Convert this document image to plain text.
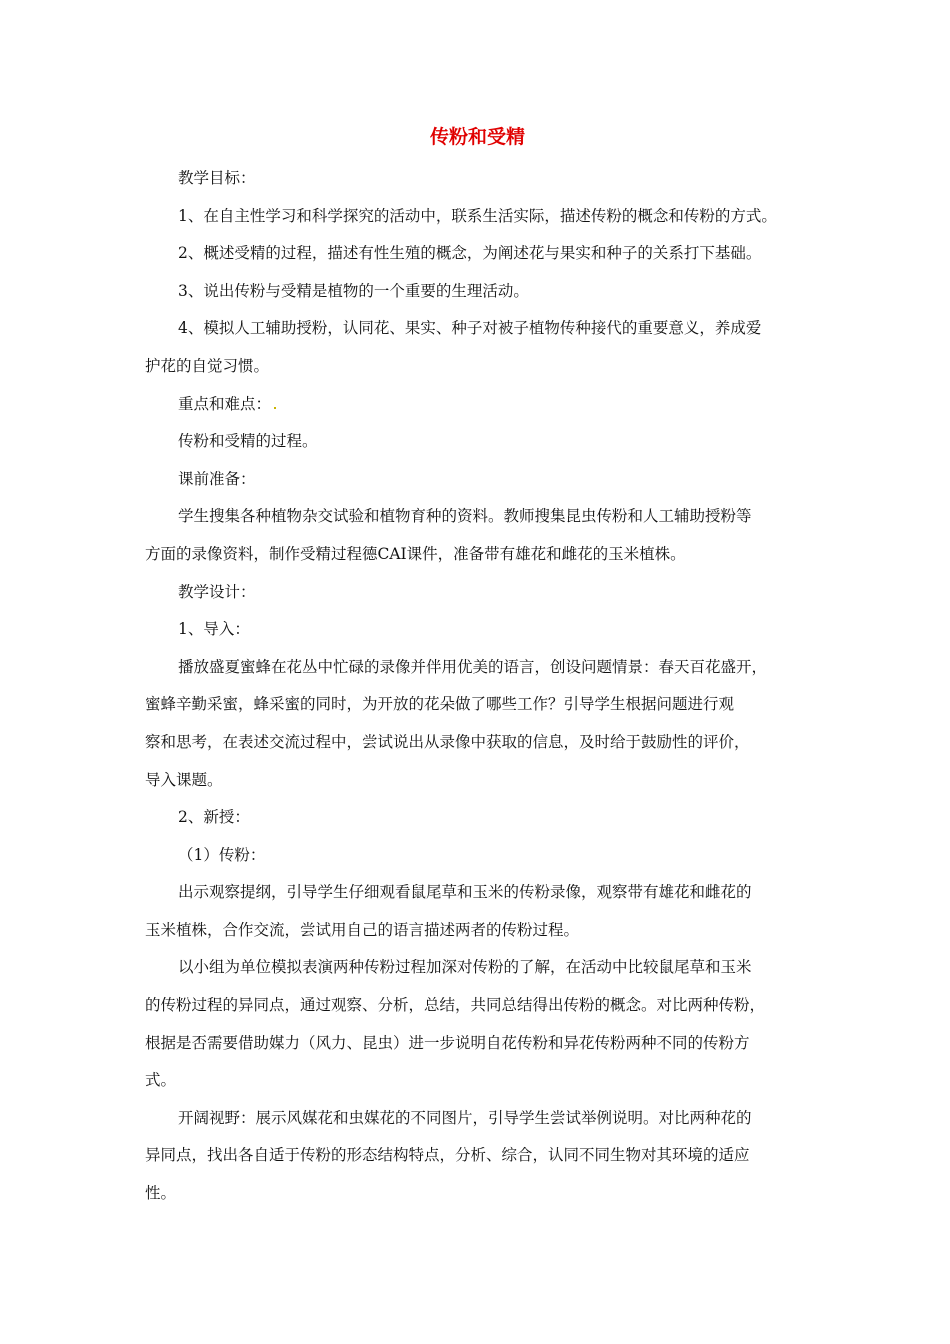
传粉和受精

教学目标：

1、在自主性学习和科学探究的活动中，联系生活实际，描述传粉的概念和传粉的方式。

2、概述受精的过程，描述有性生殖的概念，为阐述花与果实和种子的关系打下基础。

3、说出传粉与受精是植物的一个重要的生理活动。

4、模拟人工辅助授粉，认同花、果实、种子对被子植物传种接代的重要意义，养成爱

护花的自觉习惯。

重点和难点：

传粉和受精的过程。

课前准备：

学生搜集各种植物杂交试验和植物育种的资料。教师搜集昆虫传粉和人工辅助授粉等

方面的录像资料，制作受精过程德CAI课件，准备带有雄花和雌花的玉米植株。

教学设计：

1、导入：

播放盛夏蜜蜂在花丛中忙碌的录像并伴用优美的语言，创设问题情景：春天百花盛开，

蜜蜂辛勤采蜜，蜂采蜜的同时，为开放的花朵做了哪些工作？引导学生根据问题进行观

察和思考，在表述交流过程中，尝试说出从录像中获取的信息，及时给于鼓励性的评价，

导入课题。

2、新授：

（1）传粉：

出示观察提纲，引导学生仔细观看鼠尾草和玉米的传粉录像，观察带有雄花和雌花的

玉米植株，合作交流，尝试用自己的语言描述两者的传粉过程。

以小组为单位模拟表演两种传粉过程加深对传粉的了解，在活动中比较鼠尾草和玉米

的传粉过程的异同点，通过观察、分析，总结，共同总结得出传粉的概念。对比两种传粉，

根据是否需要借助媒力（风力、昆虫）进一步说明自花传粉和异花传粉两种不同的传粉方

式。

开阔视野：展示风媒花和虫媒花的不同图片，引导学生尝试举例说明。对比两种花的

异同点，找出各自适于传粉的形态结构特点，分析、综合，认同不同生物对其环境的适应

性。
